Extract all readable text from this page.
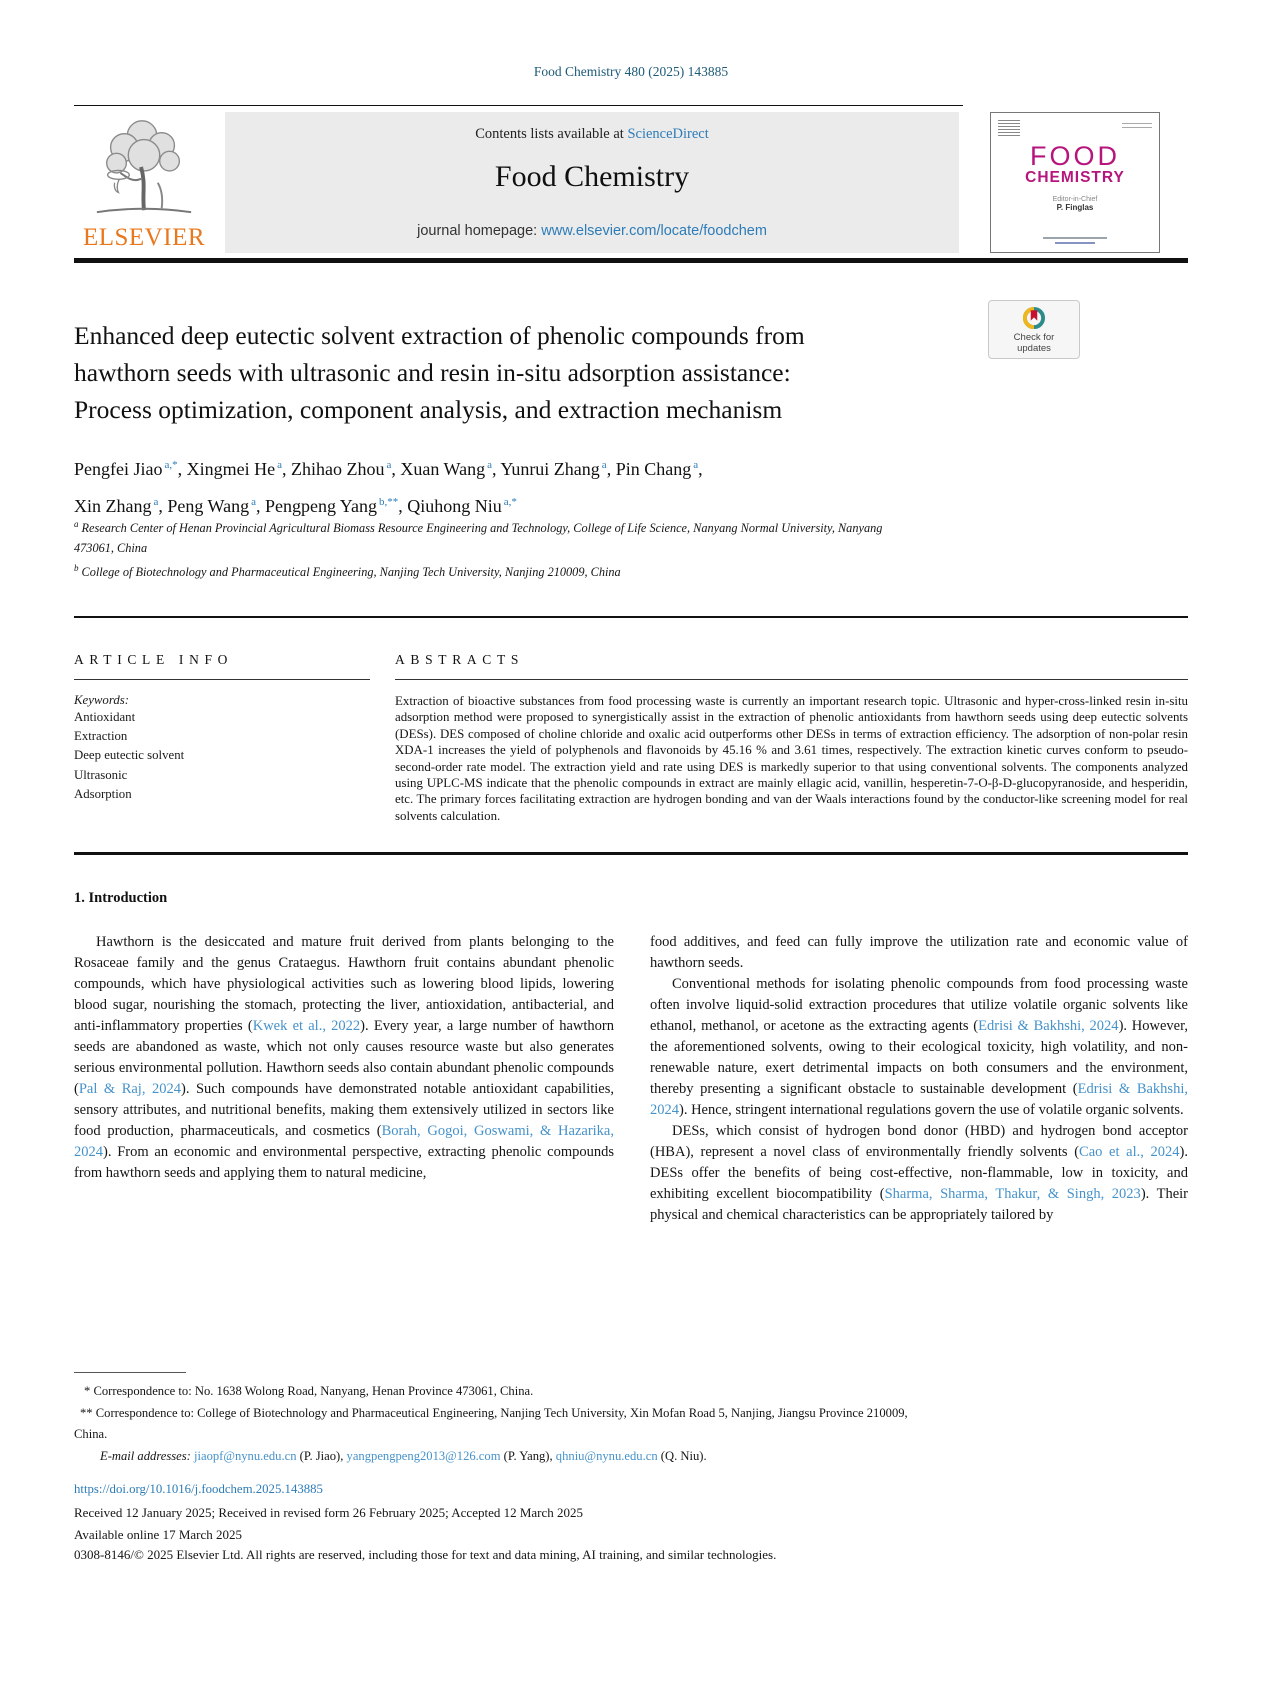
Food Chemistry 480 (2025) 143885
ELSEVIER
Contents lists available at ScienceDirect
Food Chemistry
journal homepage: www.elsevier.com/locate/foodchem
FOOD
CHEMISTRY
Editor-in-Chief
P. Finglas
Check for
updates
Enhanced deep eutectic solvent extraction of phenolic compounds from
hawthorn seeds with ultrasonic and resin in-situ adsorption assistance:
Process optimization, component analysis, and extraction mechanism
Pengfei Jiao $^{a,*}$, Xingmei He $^a$, Zhihao Zhou $^a$, Xuan Wang $^a$, Yunrui Zhang $^a$, Pin Chang $^a$,
Xin Zhang $^a$, Peng Wang $^a$, Pengpeng Yang $^{b,**}$, Qiuhong Niu $^{a,*}$
$^a$ Research Center of Henan Provincial Agricultural Biomass Resource Engineering and Technology, College of Life Science, Nanyang Normal University, Nanyang
473061, China
$^b$ College of Biotechnology and Pharmaceutical Engineering, Nanjing Tech University, Nanjing 210009, China
ARTICLE INFO
Keywords:
Antioxidant
Extraction
Deep eutectic solvent
Ultrasonic
Adsorption
ABSTRACTS

Extraction of bioactive substances from food processing waste is currently an important research topic. Ultrasonic and hyper-cross-linked resin in-situ adsorption method were proposed to synergistically assist in the extraction of phenolic antioxidants from hawthorn seeds using deep eutectic solvents (DESs). DES composed of choline chloride and oxalic acid outperforms other DESs in terms of extraction efficiency. The adsorption of non-polar resin XDA-1 increases the yield of polyphenols and flavonoids by 45.16 % and 3.61 times, respectively. The extraction kinetic curves conform to pseudo-second-order rate model. The extraction yield and rate using DES is markedly superior to that using conventional solvents. The components analyzed using UPLC-MS indicate that the phenolic compounds in extract are mainly ellagic acid, vanillin, hesperetin-7-O-β-D-glucopyranoside, and hesperidin, etc. The primary forces facilitating extraction are hydrogen bonding and van der Waals interactions found by the conductor-like screening model for real solvents calculation.

1. Introduction

Hawthorn is the desiccated and mature fruit derived from plants belonging to the Rosaceae family and the genus Crataegus. Hawthorn fruit contains abundant phenolic compounds, which have physiological activities such as lowering blood lipids, lowering blood sugar, nourishing the stomach, protecting the liver, antioxidation, antibacterial, and anti-inflammatory properties (Kwek et al., 2022). Every year, a large number of hawthorn seeds are abandoned as waste, which not only causes resource waste but also generates serious environmental pollution. Hawthorn seeds also contain abundant phenolic compounds (Pal & Raj, 2024). Such compounds have demonstrated notable antioxidant capabilities, sensory attributes, and nutritional benefits, making them extensively utilized in sectors like food production, pharmaceuticals, and cosmetics (Borah, Gogoi, Goswami, & Hazarika, 2024). From an economic and environmental perspective, extracting phenolic compounds from hawthorn seeds and applying them to natural medicine,

food additives, and feed can fully improve the utilization rate and economic value of hawthorn seeds.

Conventional methods for isolating phenolic compounds from food processing waste often involve liquid-solid extraction procedures that utilize volatile organic solvents like ethanol, methanol, or acetone as the extracting agents (Edrisi & Bakhshi, 2024). However, the aforementioned solvents, owing to their ecological toxicity, high volatility, and non-renewable nature, exert detrimental impacts on both consumers and the environment, thereby presenting a significant obstacle to sustainable development (Edrisi & Bakhshi, 2024). Hence, stringent international regulations govern the use of volatile organic solvents.

DESs, which consist of hydrogen bond donor (HBD) and hydrogen bond acceptor (HBA), represent a novel class of environmentally friendly solvents (Cao et al., 2024). DESs offer the benefits of being cost-effective, non-flammable, low in toxicity, and exhibiting excellent biocompatibility (Sharma, Sharma, Thakur, & Singh, 2023). Their physical and chemical characteristics can be appropriately tailored by

* Correspondence to: No. 1638 Wolong Road, Nanyang, Henan Province 473061, China.
** Correspondence to: College of Biotechnology and Pharmaceutical Engineering, Nanjing Tech University, Xin Mofan Road 5, Nanjing, Jiangsu Province 210009,
China.
E-mail addresses: jiaopf@nynu.edu.cn (P. Jiao), yangpengpeng2013@126.com (P. Yang), qhniu@nynu.edu.cn (Q. Niu).
https://doi.org/10.1016/j.foodchem.2025.143885
Received 12 January 2025; Received in revised form 26 February 2025; Accepted 12 March 2025
Available online 17 March 2025
0308-8146/© 2025 Elsevier Ltd. All rights are reserved, including those for text and data mining, AI training, and similar technologies.
